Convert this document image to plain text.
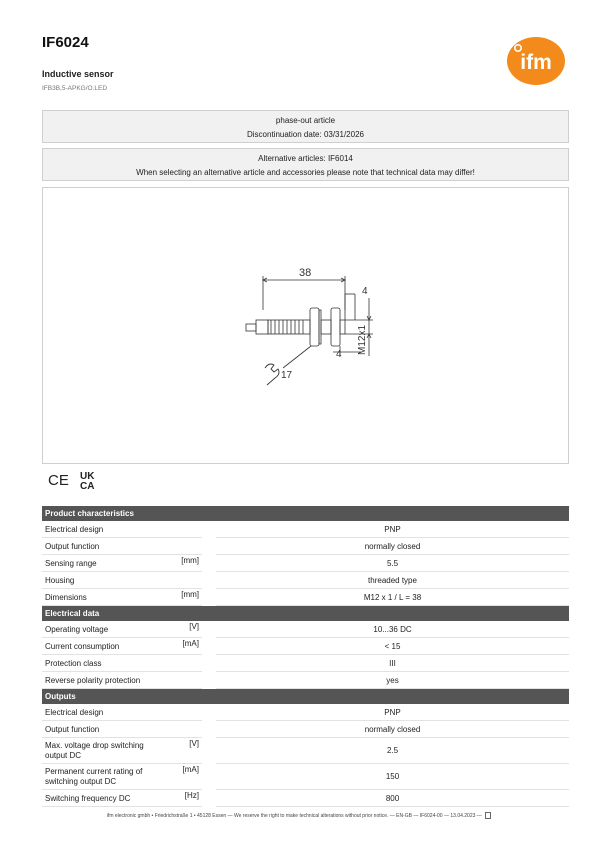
IF6024
Inductive sensor
IFB3B,5-APKG/O.LED
ifm
phase-out article
Discontinuation date: 03/31/2026
Alternative articles: IF6014
When selecting an alternative article and accessories please note that technical data may differ!
38
4
M12x1
4
17
CE UK
CA
Product characteristics			
Electrical design			PNP
Output function			normally closed
Sensing range	[mm]		5.5
Housing			threaded type
Dimensions	[mm]		M12 x 1 / L = 38
Electrical data			
Operating voltage	[V]		10...36 DC
Current consumption	[mA]		< 15
Protection class			III
Reverse polarity protection			yes
Outputs			
Electrical design			PNP
Output function			normally closed
Max. voltage drop switching output DC	[V]		2.5
Permanent current rating of switching output DC	[mA]		150
Switching frequency DC	[Hz]		800
ifm electronic gmbh • Friedrichstraße 1 • 45128 Essen — We reserve the right to make technical alterations without prior notice. — EN-GB — IF6024-00 — 13.04.2023 —
